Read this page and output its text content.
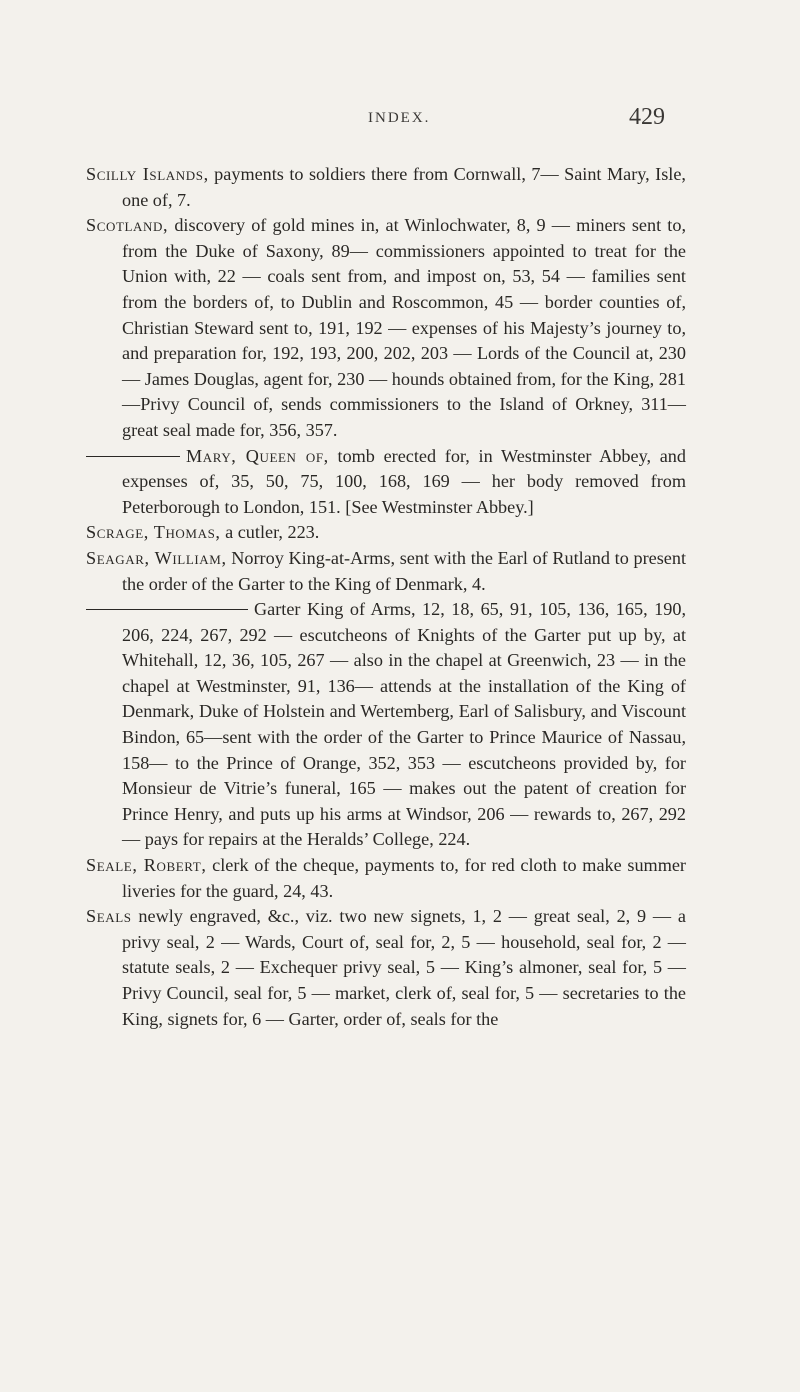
INDEX.	429

Scilly Islands, payments to soldiers there from Cornwall, 7— Saint Mary, Isle, one of, 7.

Scotland, discovery of gold mines in, at Winlochwater, 8, 9 — miners sent to, from the Duke of Saxony, 89— commissioners appointed to treat for the Union with, 22 — coals sent from, and impost on, 53, 54 — families sent from the borders of, to Dublin and Roscommon, 45 — border counties of, Christian Steward sent to, 191, 192 — expenses of his Majesty’s journey to, and preparation for, 192, 193, 200, 202, 203 — Lords of the Council at, 230 — James Douglas, agent for, 230 — hounds obtained from, for the King, 281 —Privy Council of, sends commissioners to the Island of Orkney, 311— great seal made for, 356, 357.

Mary, Queen of, tomb erected for, in Westminster Abbey, and expenses of, 35, 50, 75, 100, 168, 169 — her body removed from Peterborough to London, 151. [See Westminster Abbey.]

Scrage, Thomas, a cutler, 223.

Seagar, William, Norroy King-at-Arms, sent with the Earl of Rutland to present the order of the Garter to the King of Denmark, 4.

Garter King of Arms, 12, 18, 65, 91, 105, 136, 165, 190, 206, 224, 267, 292 — escutcheons of Knights of the Garter put up by, at Whitehall, 12, 36, 105, 267 — also in the chapel at Greenwich, 23 — in the chapel at Westminster, 91, 136— attends at the installation of the King of Denmark, Duke of Holstein and Wertemberg, Earl of Salisbury, and Viscount Bindon, 65—sent with the order of the Garter to Prince Maurice of Nassau, 158— to the Prince of Orange, 352, 353 — escutcheons provided by, for Monsieur de Vitrie’s funeral, 165 — makes out the patent of creation for Prince Henry, and puts up his arms at Windsor, 206 — rewards to, 267, 292 — pays for repairs at the Heralds’ College, 224.

Seale, Robert, clerk of the cheque, payments to, for red cloth to make summer liveries for the guard, 24, 43.

Seals newly engraved, &c., viz. two new signets, 1, 2 — great seal, 2, 9 — a privy seal, 2 — Wards, Court of, seal for, 2, 5 — household, seal for, 2 — statute seals, 2 — Exchequer privy seal, 5 — King’s almoner, seal for, 5 — Privy Council, seal for, 5 — market, clerk of, seal for, 5 — secretaries to the King, signets for, 6 — Garter, order of, seals for the
